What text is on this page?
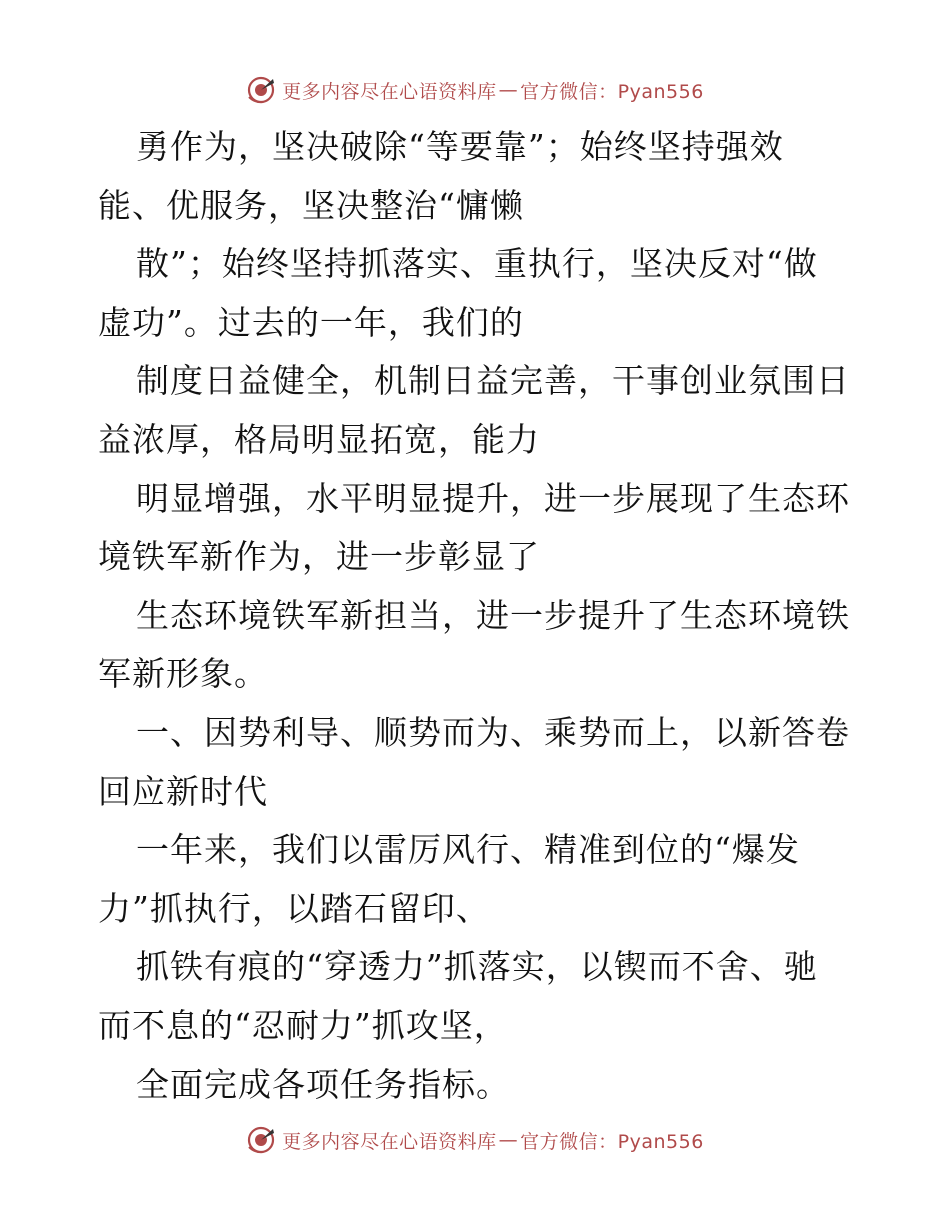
更多内容尽在心语资料库 — 官方微信：Pyan556
勇作为，坚决破除“等要靠”；始终坚持强效
能、优服务，坚决整治“慵懒
散”；始终坚持抓落实、重执行，坚决反对“做
虚功”。过去的一年，我们的
制度日益健全，机制日益完善，干事创业氛围日
益浓厚，格局明显拓宽，能力
明显增强，水平明显提升，进一步展现了生态环
境铁军新作为，进一步彰显了
生态环境铁军新担当，进一步提升了生态环境铁
军新形象。
一、因势利导、顺势而为、乘势而上，以新答卷
回应新时代
一年来，我们以雷厉风行、精准到位的“爆发
力”抓执行，以踏石留印、
抓铁有痕的“穿透力”抓落实，以锲而不舍、驰
而不息的“忍耐力”抓攻坚，
全面完成各项任务指标。
更多内容尽在心语资料库 — 官方微信：Pyan556
